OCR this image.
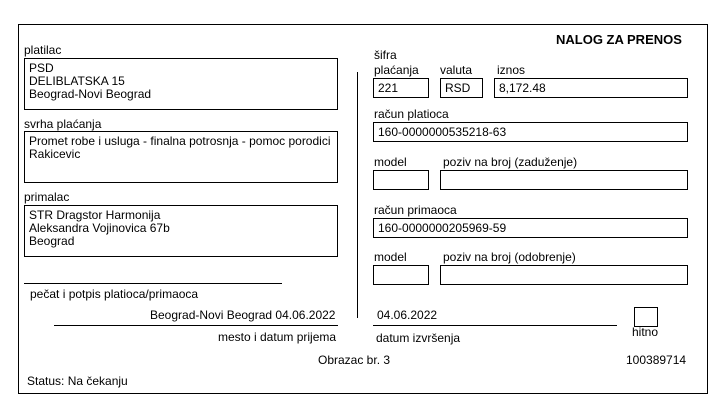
NALOG ZA PRENOS
platilac
PSD
DELIBLATSKA 15
Beograd-Novi Beograd
svrha plaćanja
Promet robe i usluga - finalna potrosnja - pomoc porodici
Rakicevic
primalac
STR Dragstor Harmonija
Aleksandra Vojinovica 67b
Beograd
pečat i potpis platioca/primaoca
Beograd-Novi Beograd 04.06.2022
mesto i datum prijema
Obrazac br. 3
Status: Na čekanju
šifra
plaćanja valuta iznos
221	RSD 8,172.48
račun platioca
160-0000000535218-63
model	poziv na broj (zaduženje)
račun primaoca
160-0000000205969-59
model	poziv na broj (odobrenje)
04.06.2022
datum izvršenja	hitno
100389714
